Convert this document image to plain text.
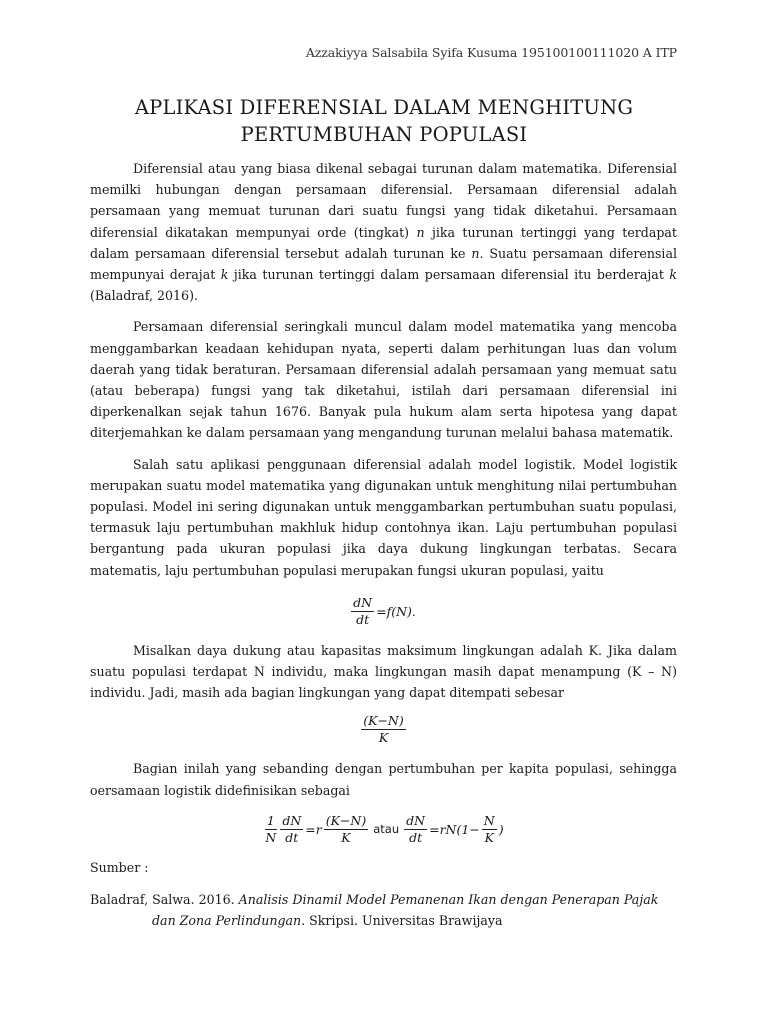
Azzakiyya Salsabila Syifa Kusuma 195100100111020 A ITP
APLIKASI DIFERENSIAL DALAM MENGHITUNG
PERTUMBUHAN POPULASI

Diferensial atau yang biasa dikenal sebagai turunan dalam matematika. Diferensial memilki hubungan dengan persamaan diferensial. Persamaan diferensial adalah persamaan yang memuat turunan dari suatu fungsi yang tidak diketahui. Persamaan diferensial dikatakan mempunyai orde (tingkat) n jika turunan tertinggi yang terdapat dalam persamaan diferensial tersebut adalah turunan ke n. Suatu persamaan diferensial mempunyai derajat k jika turunan tertinggi dalam persamaan diferensial itu berderajat k (Baladraf, 2016).

Persamaan diferensial seringkali muncul dalam model matematika yang mencoba menggambarkan keadaan kehidupan nyata, seperti dalam perhitungan luas dan volum daerah yang tidak beraturan. Persamaan diferensial adalah persamaan yang memuat satu (atau beberapa) fungsi yang tak diketahui, istilah dari persamaan diferensial ini diperkenalkan sejak tahun 1676. Banyak pula hukum alam serta hipotesa yang dapat diterjemahkan ke dalam persamaan yang mengandung turunan melalui bahasa matematik.

Salah satu aplikasi penggunaan diferensial adalah model logistik. Model logistik merupakan suatu model matematika yang digunakan untuk menghitung nilai pertumbuhan populasi. Model ini sering digunakan untuk menggambarkan pertumbuhan suatu populasi, termasuk laju pertumbuhan makhluk hidup contohnya ikan. Laju pertumbuhan populasi bergantung pada ukuran populasi jika daya dukung lingkungan terbatas. Secara matematis, laju pertumbuhan populasi merupakan fungsi ukuran populasi, yaitu

$\frac{dN}{dt} =f(N)$.

Misalkan daya dukung atau kapasitas maksimum lingkungan adalah K. Jika dalam suatu populasi terdapat N individu, maka lingkungan masih dapat menampung (K – N) individu. Jadi, masih ada bagian lingkungan yang dapat ditempati sebesar

$\frac{(K-N)}{K}$

Bagian inilah yang sebanding dengan pertumbuhan per kapita populasi, sehingga oersamaan logistik didefinisikan sebagai

$\frac{1}{N} \frac{dN}{dt} =r \frac{(K-N)}{K}$ atau $\frac{dN}{dt} =rN(1- \frac{N}{K}$ )
Sumber :
Baladraf, Salwa. 2016. Analisis Dinamil Model Pemanenan Ikan dengan Penerapan Pajak dan Zona Perlindungan. Skripsi. Universitas Brawijaya
